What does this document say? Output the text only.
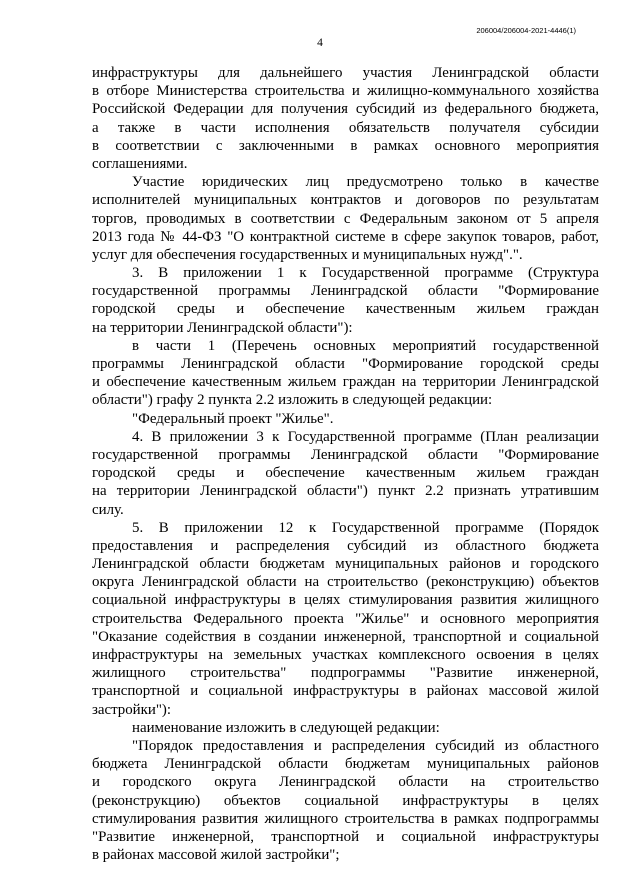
206004/206004-2021-4446(1)
4
инфраструктуры для дальнейшего участия Ленинградской области
в отборе Министерства строительства и жилищно-коммунального хозяйства
Российской Федерации для получения субсидий из федерального бюджета,
а также в части исполнения обязательств получателя субсидии
в соответствии с заключенными в рамках основного мероприятия
соглашениями.
Участие юридических лиц предусмотрено только в качестве
исполнителей муниципальных контрактов и договоров по результатам
торгов, проводимых в соответствии с Федеральным законом от 5 апреля
2013 года № 44-ФЗ "О контрактной системе в сфере закупок товаров, работ,
услуг для обеспечения государственных и муниципальных нужд".".
3. В приложении 1 к Государственной программе (Структура
государственной программы Ленинградской области "Формирование
городской среды и обеспечение качественным жильем граждан
на территории Ленинградской области"):
в части 1 (Перечень основных мероприятий государственной
программы Ленинградской области "Формирование городской среды
и обеспечение качественным жильем граждан на территории Ленинградской
области") графу 2 пункта 2.2 изложить в следующей редакции:
"Федеральный проект "Жилье".
4. В приложении 3 к Государственной программе (План реализации
государственной программы Ленинградской области "Формирование
городской среды и обеспечение качественным жильем граждан
на территории Ленинградской области") пункт 2.2 признать утратившим
силу.
5. В приложении 12 к Государственной программе (Порядок
предоставления и распределения субсидий из областного бюджета
Ленинградской области бюджетам муниципальных районов и городского
округа Ленинградской области на строительство (реконструкцию) объектов
социальной инфраструктуры в целях стимулирования развития жилищного
строительства Федерального проекта "Жилье" и основного мероприятия
"Оказание содействия в создании инженерной, транспортной и социальной
инфраструктуры на земельных участках комплексного освоения в целях
жилищного строительства" подпрограммы "Развитие инженерной,
транспортной и социальной инфраструктуры в районах массовой жилой
застройки"):
наименование изложить в следующей редакции:
"Порядок предоставления и распределения субсидий из областного
бюджета Ленинградской области бюджетам муниципальных районов
и городского округа Ленинградской области на строительство
(реконструкцию) объектов социальной инфраструктуры в целях
стимулирования развития жилищного строительства в рамках подпрограммы
"Развитие инженерной, транспортной и социальной инфраструктуры
в районах массовой жилой застройки";
